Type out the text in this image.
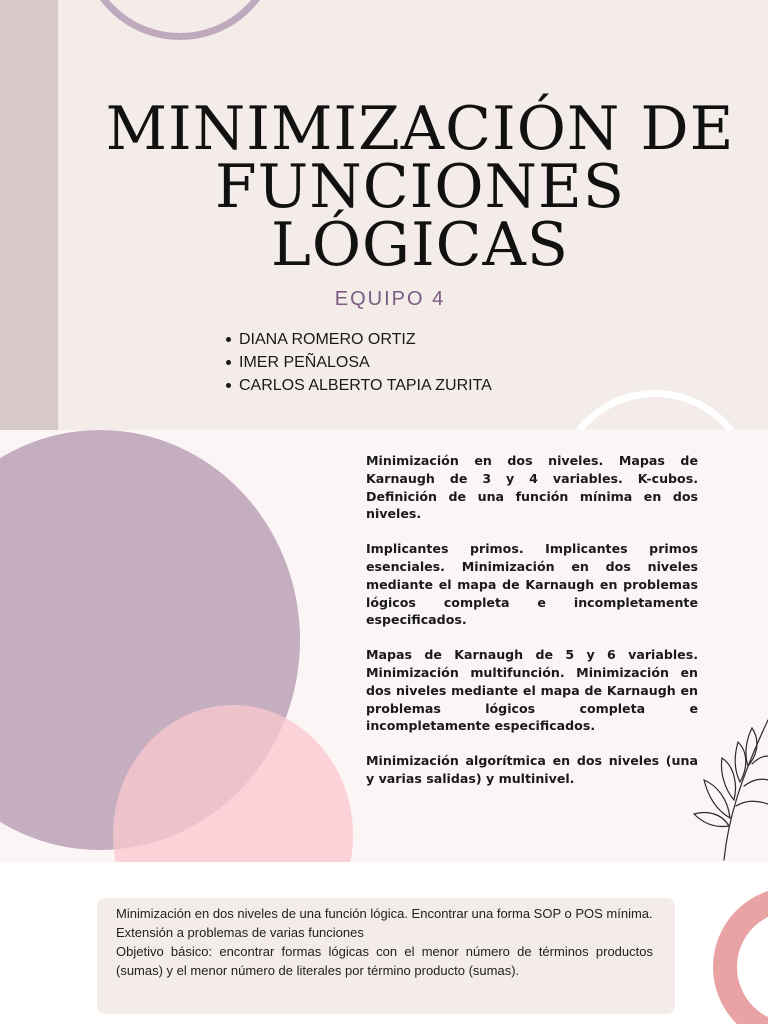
MINIMIZACIÓN DE
FUNCIONES
LÓGICAS
EQUIPO 4
DIANA ROMERO ORTIZ
IMER PEÑALOSA
CARLOS ALBERTO TAPIA ZURITA

Minimización en dos niveles. Mapas de Karnaugh de 3 y 4 variables. K-cubos. Definición de una función mínima en dos niveles.

Implicantes primos. Implicantes primos esenciales. Minimización en dos niveles mediante el mapa de Karnaugh en problemas lógicos completa e incompletamente especificados.

Mapas de Karnaugh de 5 y 6 variables. Minimización multifunción. Minimización en dos niveles mediante el mapa de Karnaugh en problemas lógicos completa e incompletamente especificados.

Minimización algorítmica en dos niveles (una y varias salidas) y multinivel.

Minimización en dos niveles de una función lógica. Encontrar una forma SOP o POS mínima.

Extensión a problemas de varias funciones

Objetivo básico: encontrar formas lógicas con el menor número de términos productos (sumas) y el menor número de literales por término producto (sumas).
